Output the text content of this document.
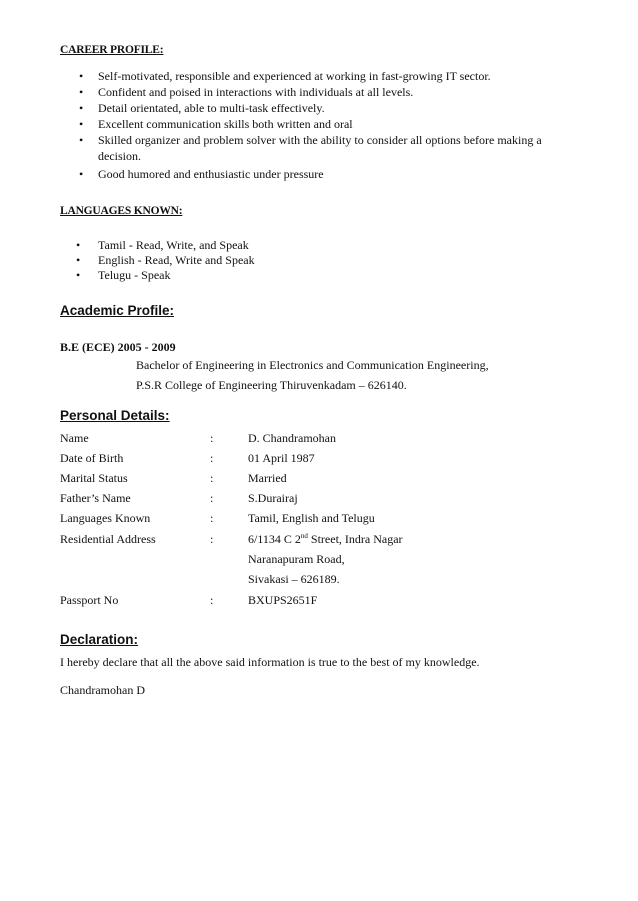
CAREER PROFILE:
• Self-motivated, responsible and experienced at working in fast-growing IT sector.
• Confident and poised in interactions with individuals at all levels.
• Detail orientated, able to multi-task effectively.
• Excellent communication skills both written and oral
• Skilled organizer and problem solver with the ability to consider all options before making a decision.
• Good humored and enthusiastic under pressure
LANGUAGES KNOWN:
• Tamil - Read, Write, and Speak
• English - Read, Write and Speak
• Telugu - Speak
Academic Profile:
B.E (ECE) 2005 - 2009
Bachelor of Engineering in Electronics and Communication Engineering,
P.S.R College of Engineering Thiruvenkadam – 626140.
Personal Details:
Name	:	D. Chandramohan
Date of Birth	:	01 April 1987
Marital Status	:	Married
Father’s Name	:	S.Durairaj
Languages Known	:	Tamil, English and Telugu
Residential Address	:	6/1134 C 2nd Street, Indra Nagar
Naranapuram Road,
Sivakasi – 626189.
Passport No	:	BXUPS2651F
Declaration:
I hereby declare that all the above said information is true to the best of my knowledge.
Chandramohan D
